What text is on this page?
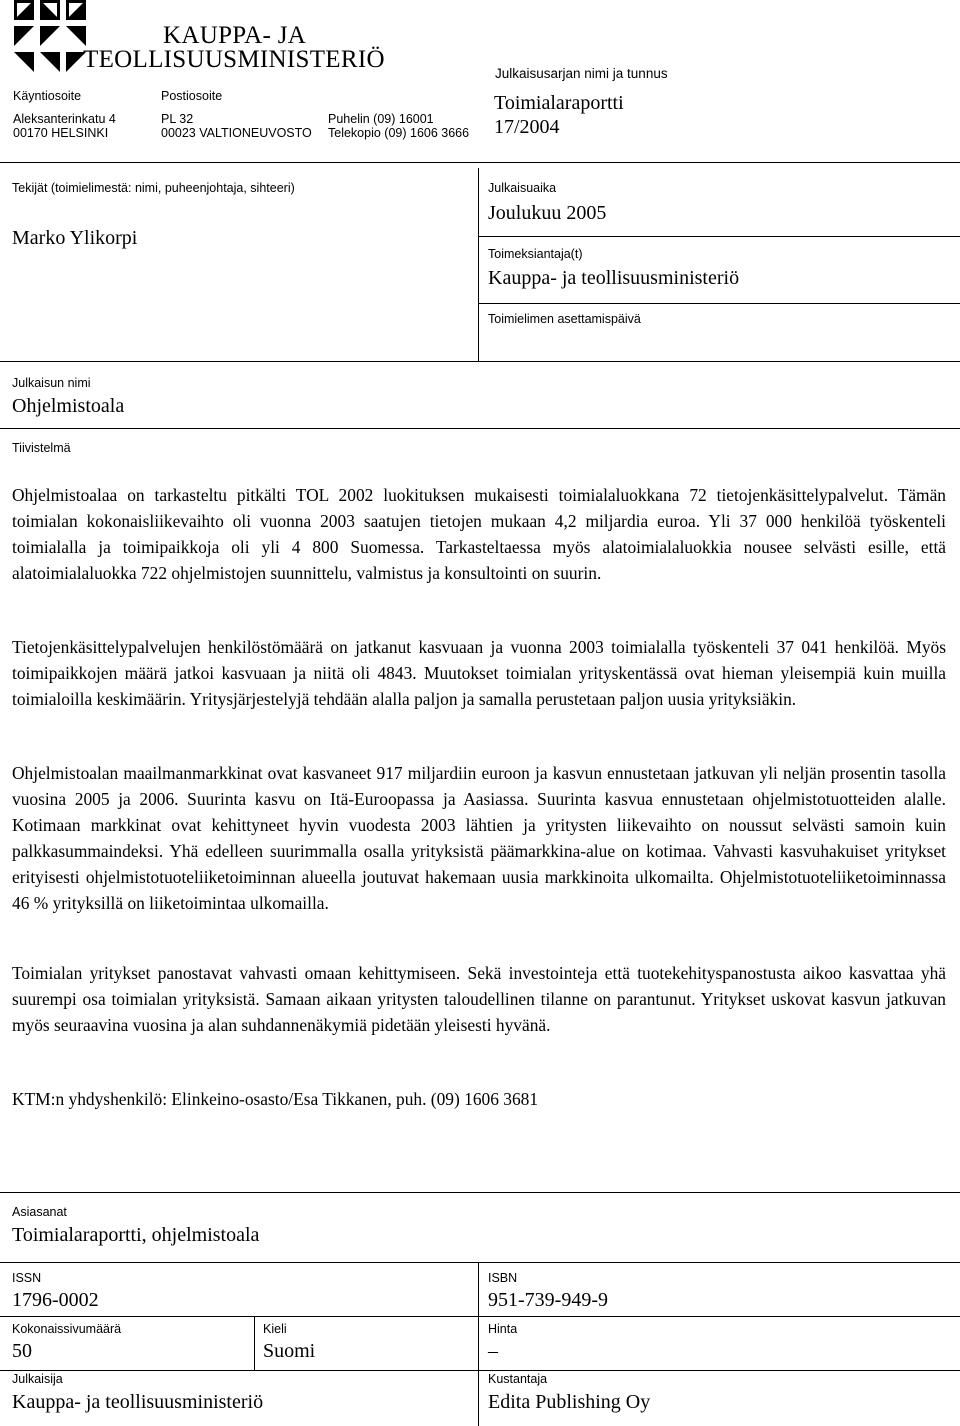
KAUPPA- JA
TEOLLISUUSMINISTERIÖ
Käyntiosoite	Postiosoite
Aleksanterinkatu 4	PL 32	Puhelin (09) 16001
00170 HELSINKI	00023 VALTIONEUVOSTO Telekopio (09) 1606 3666
Julkaisusarjan nimi ja tunnus
Toimialaraportti
17/2004
Tekijät (toimielimestä: nimi, puheenjohtaja, sihteeri)
Marko Ylikorpi
Julkaisuaika
Joulukuu 2005
Toimeksiantaja(t)
Kauppa- ja teollisuusministeriö
Toimielimen asettamispäivä
Julkaisun nimi
Ohjelmistoala
Tiivistelmä

Ohjelmistoalaa on tarkasteltu pitkälti TOL 2002 luokituksen mukaisesti toimialaluokkana 72 tietojenkäsittelypalvelut. Tämän toimialan kokonaisliikevaihto oli vuonna 2003 saatujen tietojen mukaan 4,2 miljardia euroa. Yli 37 000 henkilöä työskenteli toimialalla ja toimipaikkoja oli yli 4 800 Suomessa. Tarkasteltaessa myös alatoimialaluokkia nousee selvästi esille, että alatoimialaluokka 722 ohjelmistojen suunnittelu, valmistus ja konsultointi on suurin.

Tietojenkäsittelypalvelujen henkilöstömäärä on jatkanut kasvuaan ja vuonna 2003 toimialalla työskenteli 37 041 henkilöä. Myös toimipaikkojen määrä jatkoi kasvuaan ja niitä oli 4843. Muutokset toimialan yrityskentässä ovat hieman yleisempiä kuin muilla toimialoilla keskimäärin. Yritysjärjestelyjä tehdään alalla paljon ja samalla perustetaan paljon uusia yrityksiäkin.

Ohjelmistoalan maailmanmarkkinat ovat kasvaneet 917 miljardiin euroon ja kasvun ennustetaan jatkuvan yli neljän prosentin tasolla vuosina 2005 ja 2006. Suurinta kasvu on Itä-Euroopassa ja Aasiassa. Suurinta kasvua ennustetaan ohjelmistotuotteiden alalle. Kotimaan markkinat ovat kehittyneet hyvin vuodesta 2003 lähtien ja yritysten liikevaihto on noussut selvästi samoin kuin palkkasummaindeksi. Yhä edelleen suurimmalla osalla yrityksistä päämarkkina-alue on kotimaa. Vahvasti kasvuhakuiset yritykset erityisesti ohjelmistotuoteliiketoiminnan alueella joutuvat hakemaan uusia markkinoita ulkomailta. Ohjelmistotuoteliiketoiminnassa 46 % yrityksillä on liiketoimintaa ulkomailla.

Toimialan yritykset panostavat vahvasti omaan kehittymiseen. Sekä investointeja että tuotekehityspanostusta aikoo kasvattaa yhä suurempi osa toimialan yrityksistä. Samaan aikaan yritysten taloudellinen tilanne on parantunut. Yritykset uskovat kasvun jatkuvan myös seuraavina vuosina ja alan suhdannenäkymiä pidetään yleisesti hyvänä.

KTM:n yhdyshenkilö: Elinkeino-osasto/Esa Tikkanen, puh. (09) 1606 3681

Asiasanat
Toimialaraportti, ohjelmistoala
ISSN
1796-0002
ISBN
951-739-949-9
Kokonaissivumäärä
50
Kieli
Suomi
Hinta
–
Julkaisija
Kauppa- ja teollisuusministeriö
Kustantaja
Edita Publishing Oy
